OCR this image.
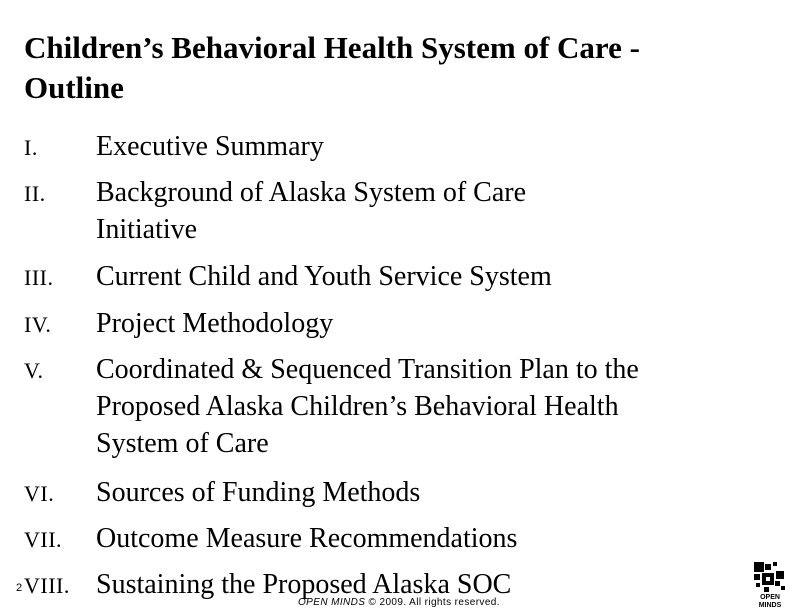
Children’s Behavioral Health System of Care -
Outline
I. Executive Summary
II. Background of Alaska System of Care
Initiative
III. Current Child and Youth Service System
IV. Project Methodology
V. Coordinated & Sequenced Transition Plan to the
Proposed Alaska Children’s Behavioral Health
System of Care
VI. Sources of Funding Methods
VII. Outcome Measure Recommendations
VIII. Sustaining the Proposed Alaska SOC
2
OPEN MINDS © 2009. All rights reserved.	OPEN
MINDS
